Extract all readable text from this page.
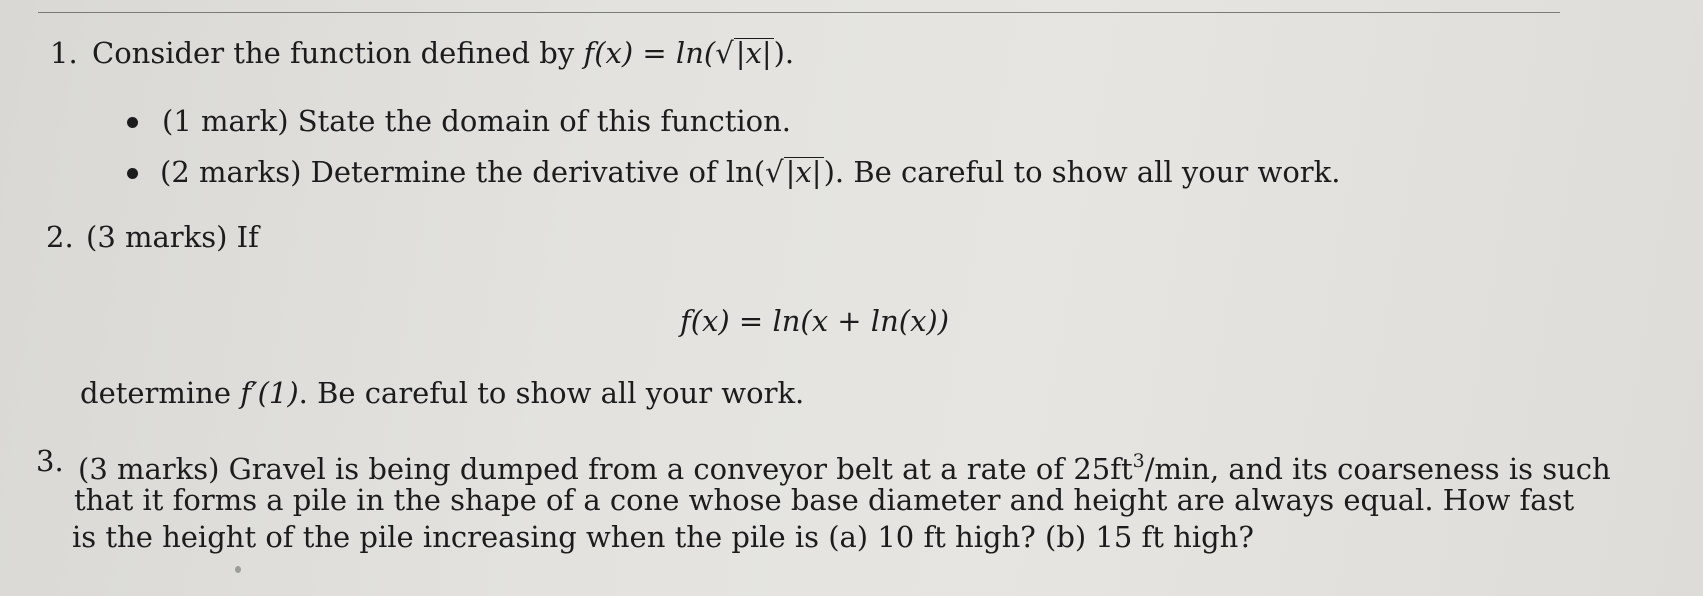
1. Consider the function defined by f(x) = ln(√|x|).
(1 mark) State the domain of this function.
(2 marks) Determine the derivative of ln(√|x|). Be careful to show all your work.
2. (3 marks) If
f(x) = ln(x + ln(x))
determine f′(1). Be careful to show all your work.
3. (3 marks) Gravel is being dumped from a conveyor belt at a rate of $25ft^3/\min$, and its coarseness is such
that it forms a pile in the shape of a cone whose base diameter and height are always equal. How fast
is the height of the pile increasing when the pile is (a) 10 ft high? (b) 15 ft high?
